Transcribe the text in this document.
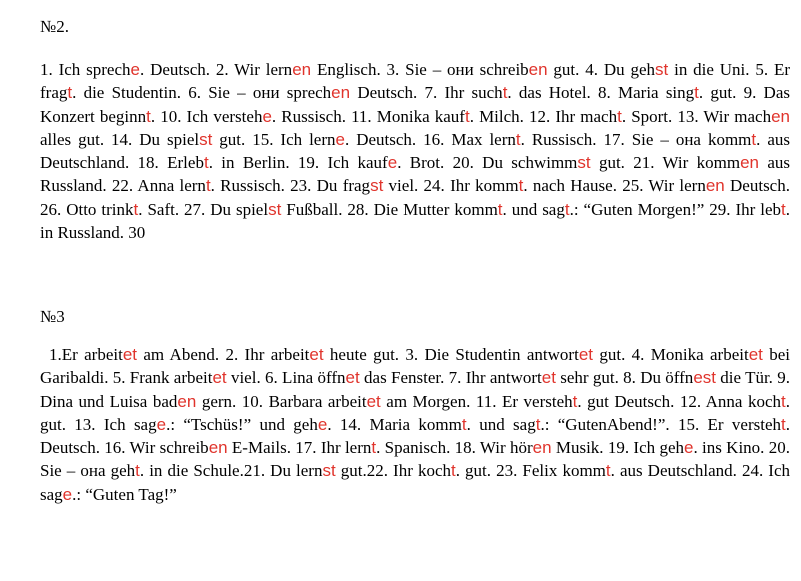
№2.
1. Ich spreche. Deutsch. 2. Wir lernen Englisch. 3. Sie – они schreiben gut. 4. Du gehst in die Uni. 5. Er fragt. die Studentin. 6. Sie – они sprechen Deutsch. 7. Ihr sucht. das Hotel. 8. Maria singt. gut. 9. Das Konzert beginnt. 10. Ich verstehe. Russisch. 11. Monika kauft. Milch. 12. Ihr macht. Sport. 13. Wir machen alles gut. 14. Du spielst gut. 15. Ich lerne. Deutsch. 16. Max lernt. Russisch. 17. Sie – она kommt. aus Deutschland. 18. Erlebt. in Berlin. 19. Ich kaufe. Brot. 20. Du schwimmst gut. 21. Wir kommen aus Russland. 22. Anna lernt. Russisch. 23. Du fragst viel. 24. Ihr kommt. nach Hause. 25. Wir lernen Deutsch. 26. Otto trinkt. Saft. 27. Du spielst Fußball. 28. Die Mutter kommt. und sagt.: “Guten Morgen!” 29. Ihr lebt. in Russland. 30
№3
1.Er arbeitet am Abend. 2. Ihr arbeitet heute gut. 3. Die Studentin antwortet gut. 4. Monika arbeitet bei Garibaldi. 5. Frank arbeitet viel. 6. Lina öffnet das Fenster. 7. Ihr antwortet sehr gut. 8. Du öffnest die Tür. 9. Dina und Luisa baden gern. 10. Barbara arbeitet am Morgen. 11. Er versteht. gut Deutsch. 12. Anna kocht. gut. 13. Ich sage.: “Tschüs!” und gehe. 14. Maria kommt. und sagt.: “GutenAbend!”. 15. Er versteht. Deutsch. 16. Wir schreiben E-Mails. 17. Ihr lernt. Spanisch. 18. Wir hören Musik. 19. Ich gehe. ins Kino. 20. Sie – она geht. in die Schule.21. Du lernst gut.22. Ihr kocht. gut. 23. Felix kommt. aus Deutschland. 24. Ich sage.: “Guten Tag!”
